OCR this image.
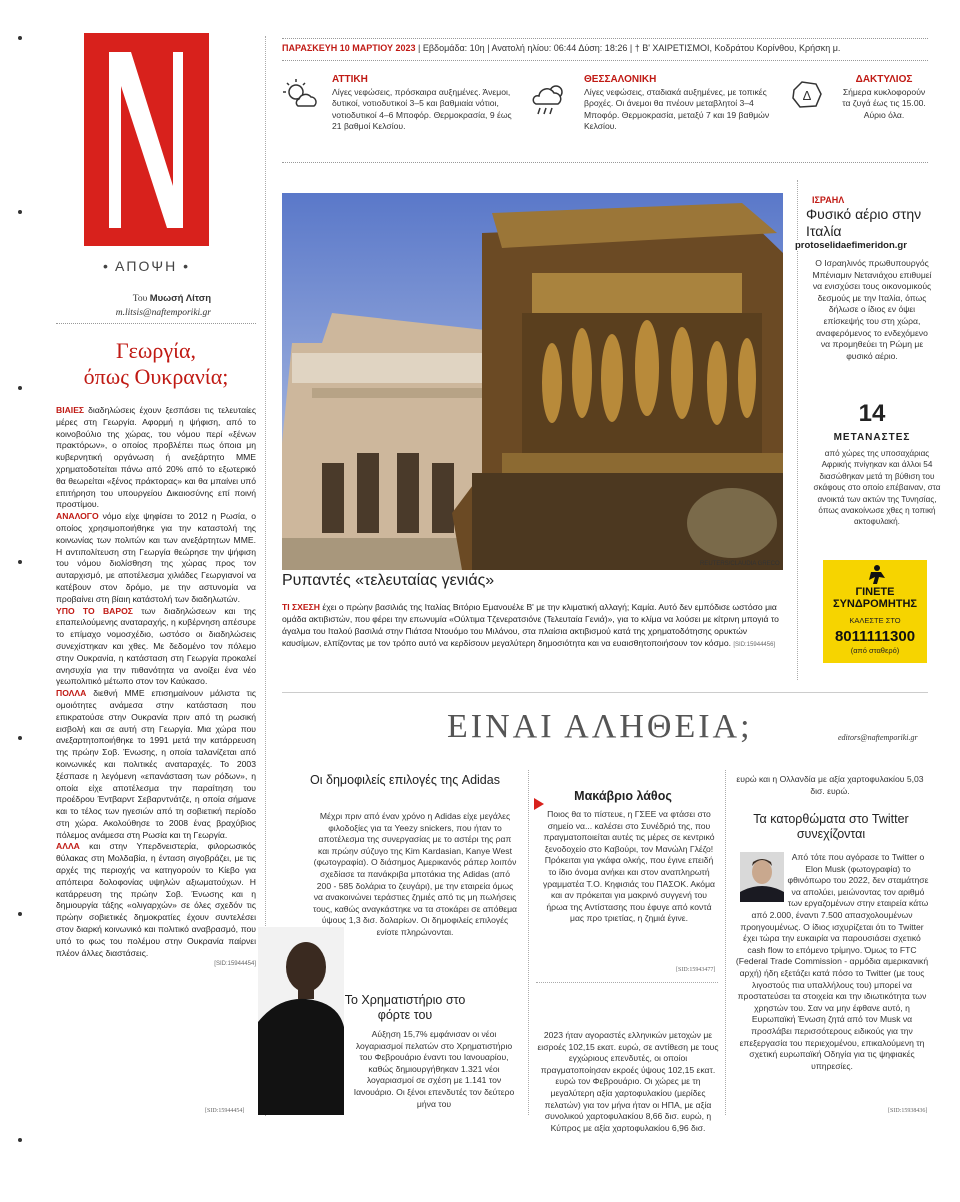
• ΑΠΟΨΗ •
Του Μυωσή Λίτση
m.litsis@naftemporiki.gr
Γεωργία,
όπως Ουκρανία;

ΒΙΑΙΕΣ διαδηλώσεις έχουν ξεσπάσει τις τελευταίες μέρες στη Γεωργία. Αφορμή η ψήφιση, από το κοινοβούλιο της χώρας, του νόμου περί «ξένων πρακτόρων», ο οποίος προβλέπει πως όποια μη κυβερνητική οργάνωση ή ανεξάρτητο ΜΜΕ χρηματοδοτείται πάνω από 20% από το εξωτερικό θα θεωρείται «ξένος πράκτορας» και θα μπαίνει υπό επιτήρηση του υπουργείου Δικαιοσύνης επί ποινή προστίμου.

ΑΝΑΛΟΓΟ νόμο είχε ψηφίσει το 2012 η Ρωσία, ο οποίος χρησιμοποιήθηκε για την καταστολή της κοινωνίας των πολιτών και των ανεξάρτητων ΜΜΕ. Η αντιπολίτευση στη Γεωργία θεώρησε την ψήφιση του νόμου διολίσθηση της χώρας προς τον αυταρχισμό, με αποτέλεσμα χιλιάδες Γεωργιανοί να κατέβουν στον δρόμο, με την αστυνομία να προβαίνει στη βίαιη κατάστολή των διαδηλωτών.

ΥΠΟ ΤΟ ΒΑΡΟΣ των διαδηλώσεων και της επαπειλούμενης αναταραχής, η κυβέρνηση απέσυρε το επίμαχο νομοσχέδιο, ωστόσο οι διαδηλώσεις συνεχίστηκαν και χθες. Με δεδομένο τον πόλεμο στην Ουκρανία, η κατάσταση στη Γεωργία προκαλεί ανησυχία για την πιθανότητα να ανοίξει ένα νέο γεωπολιτικό μέτωπο στον τον Καύκασο.

ΠΟΛΛΑ διεθνή ΜΜΕ επισημαίνουν μάλιστα τις ομοιότητες ανάμεσα στην κατάσταση που επικρατούσε στην Ουκρανία πριν από τη ρωσική εισβολή και σε αυτή στη Γεωργία. Μια χώρα που ανεξαρτητοποιήθηκε το 1991 μετά την κατάρρευση της πρώην Σοβ. Ένωσης, η οποία ταλανίζεται από κοινωνικές και πολιτικές αναταραχές. Το 2003 ξέσπασε η λεγόμενη «επανάσταση των ρόδων», η οποία είχε αποτέλεσμα την παραίτηση του προέδρου Έντβαρντ Σεβαρντνάτζε, η οποία σήμανε και το τέλος των ηγεσιών από τη σοβιετική περίοδο στη χώρα. Ακολούθησε το 2008 ένας βραχύβιος πόλεμος ανάμεσα στη Ρωσία και τη Γεωργία.

ΑΛΛΑ και στην Υπερδνειστερία, φιλορωσικός θύλακας στη Μολδαβία, η ένταση σιγοβράζει, με τις αρχές της περιοχής να κατηγορούν το Κίεβο για απόπειρα δολοφονίας υψηλών αξιωματούχων. Η κατάρρευση της πρώην Σοβ. Ένωσης και η δημιουργία τάξης «ολιγαρχών» σε όλες σχεδόν τις πρώην σοβιετικές δημοκρατίες έχουν συντελέσει στον διαρκή κοινωνικό και πολιτικό αναβρασμό, που υπό το φως του πολέμου στην Ουκρανία παίρνει πλέον άλλες διαστάσεις.

[SID:15944454]
ΠΑΡΑΣΚΕΥΗ 10 ΜΑΡΤΙΟΥ 2023 | Εβδομάδα: 10η | Ανατολή ηλίου: 06:44 Δύση: 18:26 | † Β' ΧΑΙΡΕΤΙΣΜΟΙ, Κοδράτου Κορίνθου, Κρήσκη μ.
ΑΤΤΙΚΗ
Λίγες νεφώσεις, πρόσκαιρα αυξημένες. Άνεμοι, δυτικοί, νοτιοδυτικοί 3–5 και βαθμιαία νότιοι, νοτιοδυτικοί 4–6 Μποφόρ. Θερμοκρασία, 9 έως 21 βαθμοί Κελσίου.
ΘΕΣΣΑΛΟΝΙΚΗ
Λίγες νεφώσεις, σταδιακά αυξημένες, με τοπικές βροχές. Οι άνεμοι θα πνέουν μεταβλητοί 3–4 Μποφόρ. Θερμοκρασία, μεταξύ 7 και 19 βαθμών Κελσίου.
Δ
ΔΑΚΤΥΛΙΟΣ
Σήμερα κυκλοφορούν τα ζυγά έως τις 15.00. Αύριο όλα.
REUTERS/CLAUDIA GRECO
Ρυπαντές «τελευταίας γενιάς»
ΤΙ ΣΧΕΣΗ έχει ο πρώην βασιλιάς της Ιταλίας Βιτόριο Εμανουέλε Β' με την κλιματική αλλαγή; Καμία. Αυτό δεν εμπόδισε ωστόσο μια ομάδα ακτιβιστών, που φέρει την επωνυμία «Ούλτιμα Τζενερατσιόνε (Τελευταία Γενιά)», για το κλίμα να λούσει με κίτρινη μπογιά το άγαλμα του Ιταλού βασιλιά στην Πιάτσα Ντουόμο του Μιλάνου, στα πλαίσια ακτιβισμού κατά της χρηματοδότησης ορυκτών καυσίμων, ελπίζοντας με τον τρόπο αυτό να κερδίσουν μεγαλύτερη δημοσιότητα και να ευαισθητοποιήσουν τον κόσμο. [SID:15944456]
ΙΣΡΑΗΛ
Φυσικό αέριο στην Ιταλία
protoselidaefimeridon.gr
Ο Ισραηλινός πρωθυπουργός Μπένιαμιν Νετανιάχου επιθυμεί να ενισχύσει τους οικονομικούς δεσμούς με την Ιταλία, όπως δήλωσε ο ίδιος εν όψει επίσκεψής του στη χώρα, αναφερόμενος το ενδεχόμενο να προμηθεύει τη Ρώμη με φυσικό αέριο.
14
ΜΕΤΑΝΑΣΤΕΣ
από χώρες της υποσαχάριας Αφρικής πνίγηκαν και άλλοι 54 διασώθηκαν μετά τη βύθιση του σκάφους στο οποίο επέβαιναν, στα ανοικτά των ακτών της Τυνησίας, όπως ανακοίνωσε χθες η τοπική ακτοφυλακή.
ΓΙΝΕΤΕ
ΣΥΝΔΡΟΜΗΤΗΣ
ΚΑΛΕΣΤΕ ΣΤΟ
8011111300
(από σταθερό)
ΕΙΝΑΙ ΑΛΗΘΕΙΑ;	editors@naftemporiki.gr
Οι δημοφιλείς επιλογές της Adidas
Μέχρι πριν από έναν χρόνο η Adidas είχε μεγάλες φιλοδοξίες για τα Yeezy snickers, που ήταν το αποτέλεσμα της συνεργασίας με το αστέρι της ραπ και πρώην σύζυγο της Kim Kardasian, Kanye West (φωτογραφία). Ο διάσημος Αμερικανός ράπερ λοιπόν σχεδίασε τα πανάκριβα μποτάκια της Adidas (από 200 - 585 δολάρια το ζευγάρι), με την εταιρεία όμως να ανακοινώνει τεράστιες ζημιές από τις μη πωλήσεις τους, καθώς αναγκάστηκε να τα στοκάρει σε απόθεμα ύψους 1,3 δισ. δολαρίων. Οι δημοφιλείς επιλογές ενίοτε πληρώνονται.
Το Χρηματιστήριο στο φόρτε του
Αύξηση 15,7% εμφάνισαν οι νέοι λογαριασμοί πελατών στο Χρηματιστήριο του Φεβρουάριο έναντι του Ιανουαρίου, καθώς δημιουργήθηκαν 1.321 νέοι λογαριασμοί σε σχέση με 1.141 τον Ιανουάριο. Οι ξένοι επενδυτές τον δεύτερο μήνα του
[SID:15944454]
Μακάβριο λάθος
Ποιος θα το πίστευε, η ΓΣΕΕ να φτάσει στο σημείο να... καλέσει στο Συνέδριό της, που πραγματοποιείται αυτές τις μέρες σε κεντρικό ξενοδοχείο στο Καβούρι, τον Μανώλη Γλέζο! Πρόκειται για γκάφα ολκής, που έγινε επειδή το ίδιο όνομα ανήκει και στον αναπληρωτή γραμματέα Τ.Ο. Κηφισιάς του ΠΑΣΟΚ. Ακόμα και αν πρόκειται για μακρινό συγγενή του ήρωα της Αντίστασης που έφυγε από κοντά μας προ τριετίας, η ζημιά έγινε.
[SID:15943477]
2023 ήταν αγοραστές ελληνικών μετοχών με εισροές 102,15 εκατ. ευρώ, σε αντίθεση με τους εγχώριους επενδυτές, οι οποίοι πραγματοποίησαν εκροές ύψους 102,15 εκατ. ευρώ τον Φεβρουάριο. Οι χώρες με τη μεγαλύτερη αξία χαρτοφυλακίου (μερίδες πελατών) για τον μήνα ήταν οι ΗΠΑ, με αξία συνολικού χαρτοφυλακίου 8,66 δισ. ευρώ, η Κύπρος με αξία χαρτοφυλακίου 6,96 δισ.
ευρώ και η Ολλανδία με αξία χαρτοφυλακίου 5,03 δισ. ευρώ.
Τα κατορθώματα στο Twitter συνεχίζονται
Από τότε που αγόρασε το Twitter ο Elon Musk (φωτογραφία) το φθινόπωρο του 2022, δεν σταμάτησε να απολύει, μειώνοντας τον αριθμό των εργαζομένων στην εταιρεία κάτω από 2.000, έναντι 7.500 απασχολουμένων προηγουμένως. Ο ίδιος ισχυρίζεται ότι το Twitter έχει τώρα την ευκαιρία να παρουσιάσει σχετικό cash flow το επόμενο τρίμηνο. Όμως το FTC (Federal Trade Commission - αρμόδια αμερικανική αρχή) ήδη εξετάζει κατά πόσο το Twitter (με τους λιγοστούς πια υπαλλήλους του) μπορεί να προστατεύσει τα στοιχεία και την ιδιωτικότητα των χρηστών του. Σαν να μην έφθανε αυτό, η Ευρωπαϊκή Ένωση ζητά από τον Musk να προσλάβει περισσότερους ειδικούς για την επεξεργασία του περιεχομένου, επικαλούμενη τη σχετική ευρωπαϊκή Οδηγία για τις ψηφιακές υπηρεσίες.
[SID:15938436]
